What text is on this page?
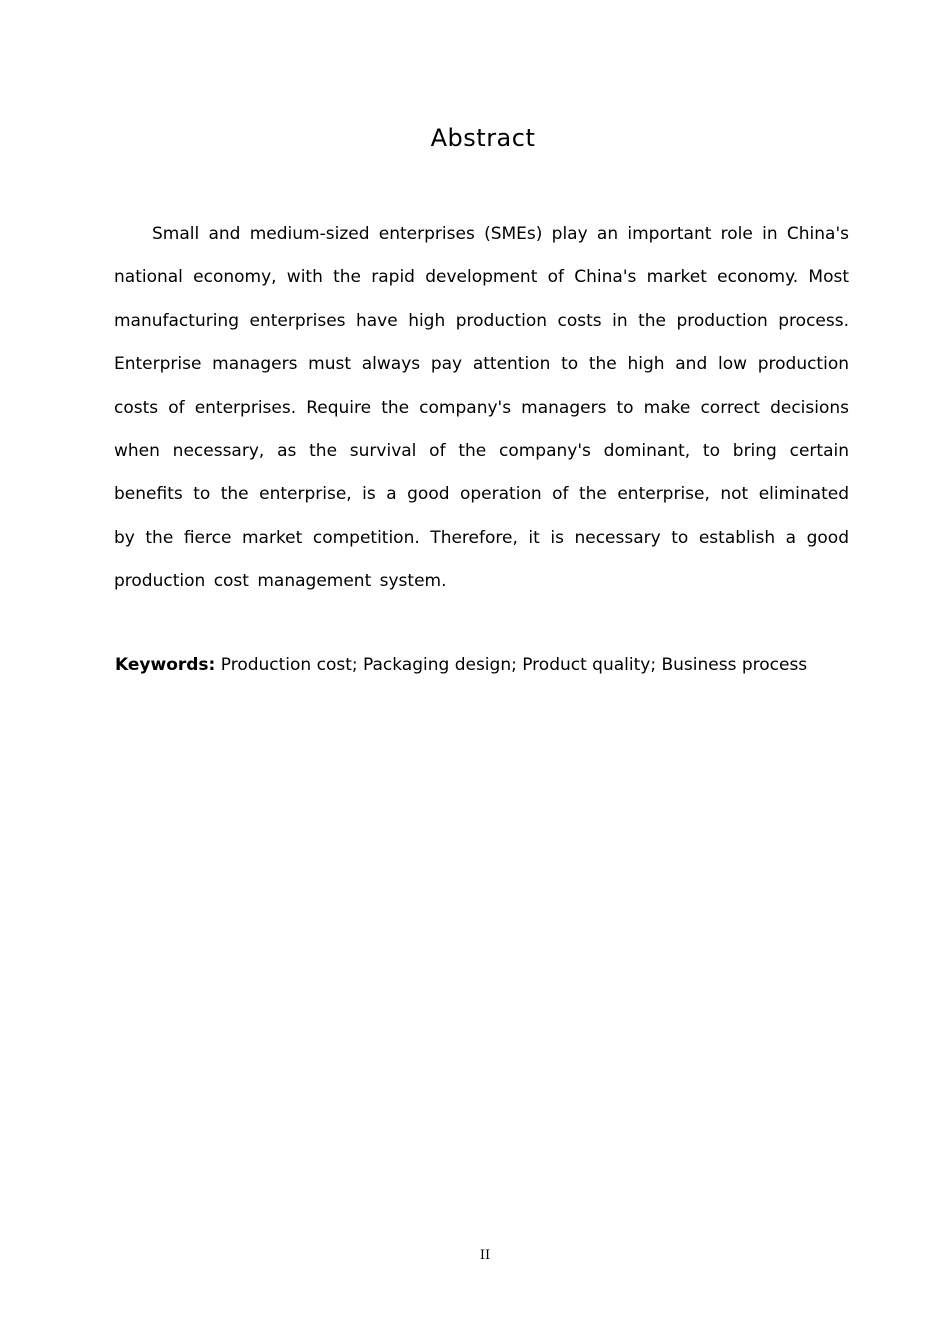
Abstract

Small and medium-sized enterprises (SMEs) play an important role in China's national economy, with the rapid development of China's market economy. Most manufacturing enterprises have high production costs in the production process. Enterprise managers must always pay attention to the high and low production costs of enterprises. Require the company's managers to make correct decisions when necessary, as the survival of the company's dominant, to bring certain benefits to the enterprise, is a good operation of the enterprise, not eliminated by the fierce market competition. Therefore, it is necessary to establish a good production cost management system.

Keywords: Production cost; Packaging design; Product quality; Business process

II
